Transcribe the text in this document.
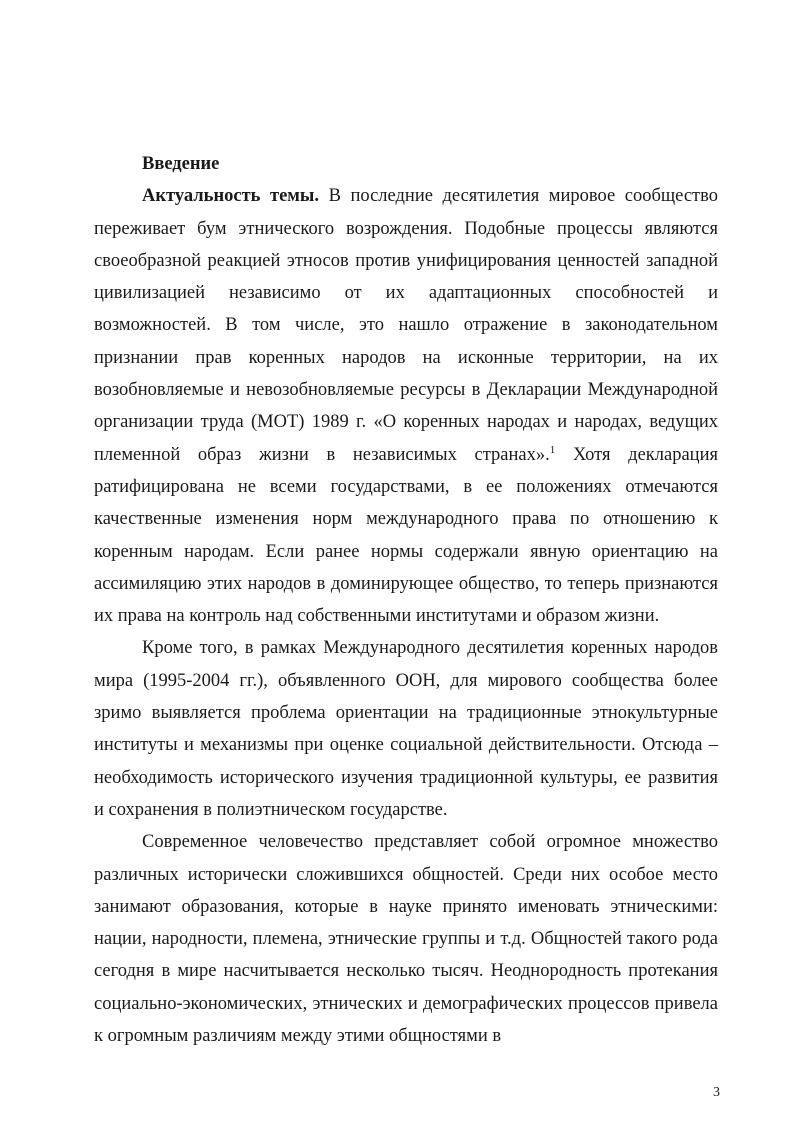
Введение

Актуальность темы. В последние десятилетия мировое сообщество переживает бум этнического возрождения. Подобные процессы являются своеобразной реакцией этносов против унифицирования ценностей западной цивилизацией независимо от их адаптационных способностей и возможностей. В том числе, это нашло отражение в законодательном признании прав коренных народов на исконные территории, на их возобновляемые и невозобновляемые ресурсы в Декларации Международной организации труда (МОТ) 1989 г. «О коренных народах и народах, ведущих племенной образ жизни в независимых странах».$^1$ Хотя декларация ратифицирована не всеми государствами, в ее положениях отмечаются качественные изменения норм международного права по отношению к коренным народам. Если ранее нормы содержали явную ориентацию на ассимиляцию этих народов в доминирующее общество, то теперь признаются их права на контроль над собственными институтами и образом жизни.

Кроме того, в рамках Международного десятилетия коренных народов мира (1995-2004 гг.), объявленного ООН, для мирового сообщества более зримо выявляется проблема ориентации на традиционные этнокультурные институты и механизмы при оценке социальной действительности. Отсюда – необходимость исторического изучения традиционной культуры, ее развития и сохранения в полиэтническом государстве.

Современное человечество представляет собой огромное множество различных исторически сложившихся общностей. Среди них особое место занимают образования, которые в науке принято именовать этническими: нации, народности, племена, этнические группы и т.д. Общностей такого рода сегодня в мире насчитывается несколько тысяч. Неоднородность протекания социально-экономических, этнических и демографических процессов привела к огромным различиям между этими общностями в

3
